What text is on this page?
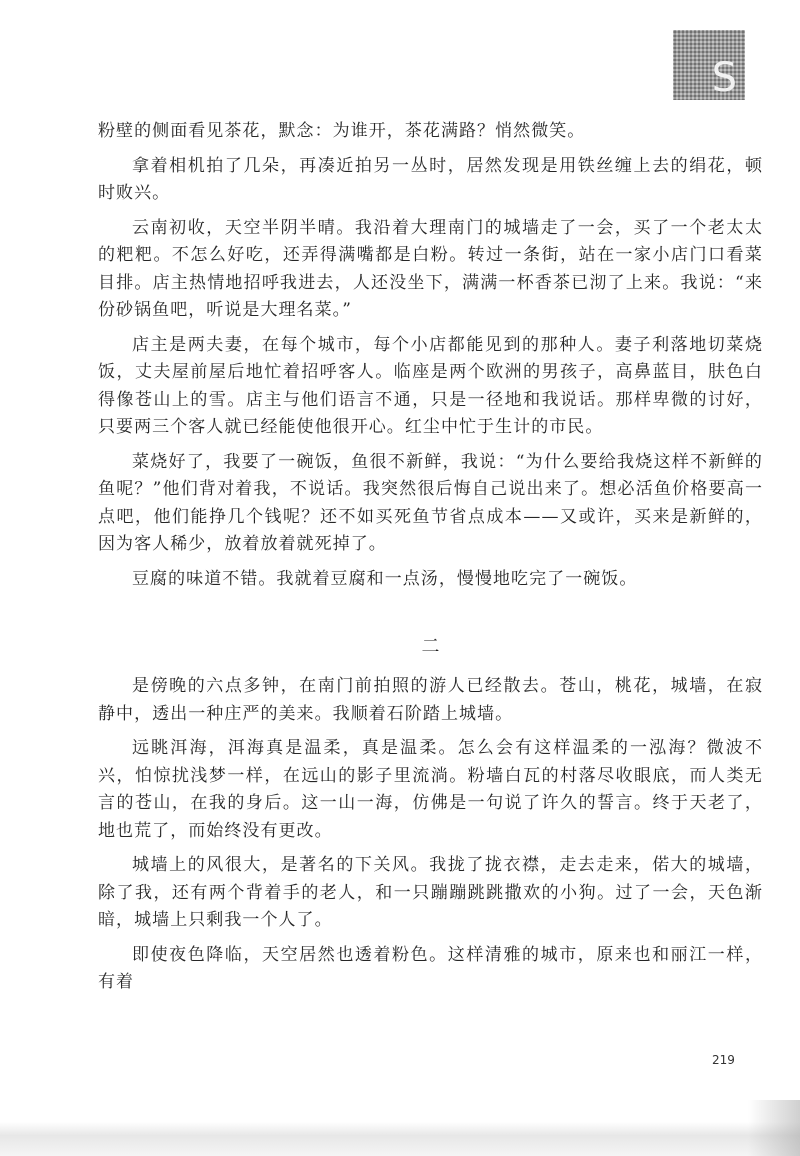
S

粉壁的侧面看见茶花，默念：为谁开，茶花满路？悄然微笑。

拿着相机拍了几朵，再凑近拍另一丛时，居然发现是用铁丝缠上去的绢花，顿时败兴。

云南初收，天空半阴半晴。我沿着大理南门的城墙走了一会，买了一个老太太的粑粑。不怎么好吃，还弄得满嘴都是白粉。转过一条街，站在一家小店门口看菜目排。店主热情地招呼我进去，人还没坐下，满满一杯香茶已沏了上来。我说：“来份砂锅鱼吧，听说是大理名菜。”

店主是两夫妻，在每个城市，每个小店都能见到的那种人。妻子利落地切菜烧饭，丈夫屋前屋后地忙着招呼客人。临座是两个欧洲的男孩子，高鼻蓝目，肤色白得像苍山上的雪。店主与他们语言不通，只是一径地和我说话。那样卑微的讨好，只要两三个客人就已经能使他很开心。红尘中忙于生计的市民。

菜烧好了，我要了一碗饭，鱼很不新鲜，我说：“为什么要给我烧这样不新鲜的鱼呢？”他们背对着我，不说话。我突然很后悔自己说出来了。想必活鱼价格要高一点吧，他们能挣几个钱呢？还不如买死鱼节省点成本——又或许，买来是新鲜的，因为客人稀少，放着放着就死掉了。

豆腐的味道不错。我就着豆腐和一点汤，慢慢地吃完了一碗饭。

二

是傍晚的六点多钟，在南门前拍照的游人已经散去。苍山，桃花，城墙，在寂静中，透出一种庄严的美来。我顺着石阶踏上城墙。

远眺洱海，洱海真是温柔，真是温柔。怎么会有这样温柔的一泓海？微波不兴，怕惊扰浅梦一样，在远山的影子里流淌。粉墙白瓦的村落尽收眼底，而人类无言的苍山，在我的身后。这一山一海，仿佛是一句说了许久的誓言。终于天老了，地也荒了，而始终没有更改。

城墙上的风很大，是著名的下关风。我拢了拢衣襟，走去走来，偌大的城墙，除了我，还有两个背着手的老人，和一只蹦蹦跳跳撒欢的小狗。过了一会，天色渐暗，城墙上只剩我一个人了。

即使夜色降临，天空居然也透着粉色。这样清雅的城市，原来也和丽江一样，有着

219
